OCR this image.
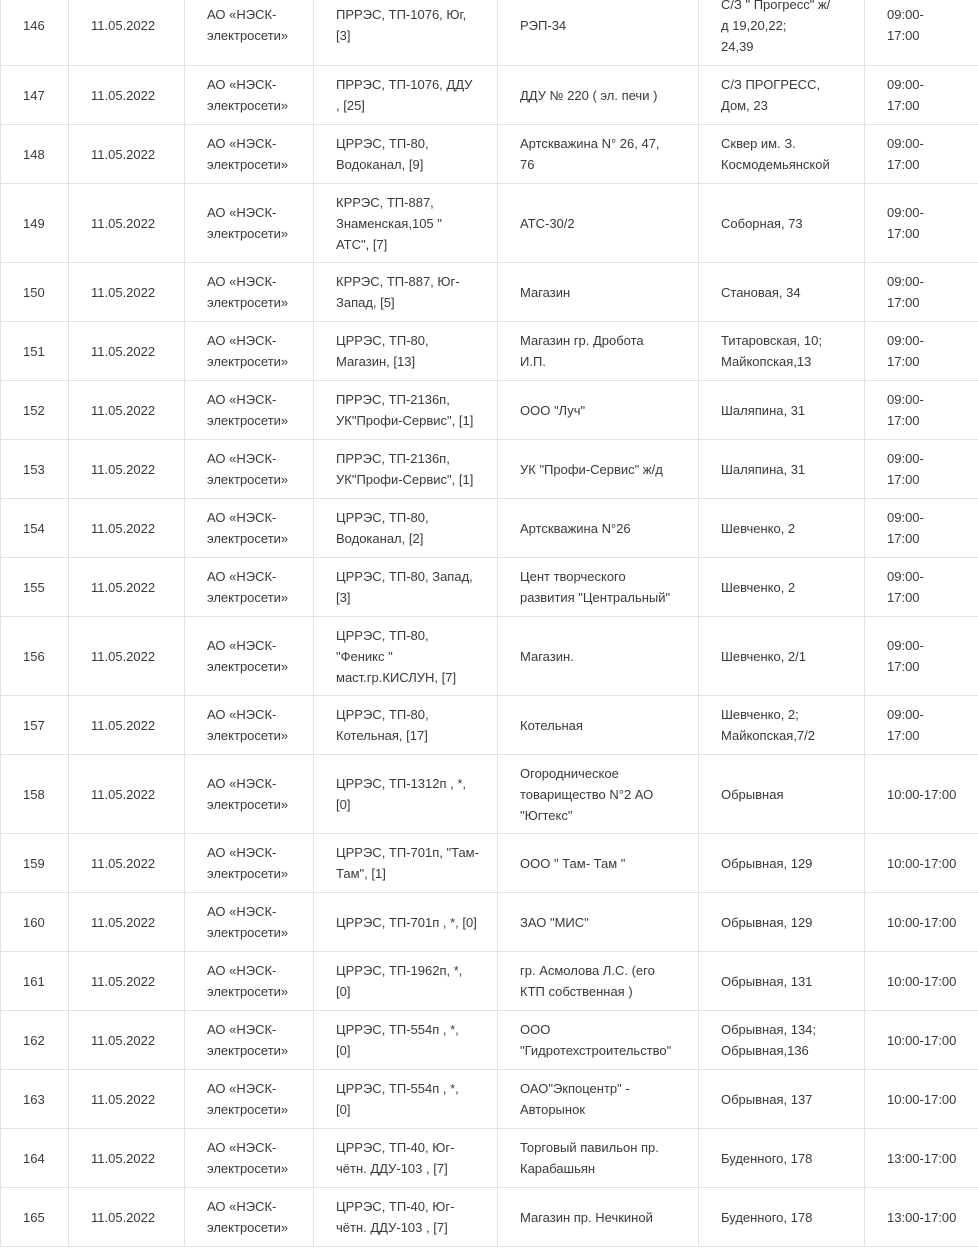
146	11.05.2022	АО «НЭСК-
электросети»	ПРРЭС, ТП-1076, Юг,
[3]	РЭП-34	С/З " Прогресс" ж/
д 19,20,22;
24,39	09:00-
17:00
147	11.05.2022	АО «НЭСК-
электросети»	ПРРЭС, ТП-1076, ДДУ
, [25]	ДДУ № 220 ( эл. печи )	С/З ПРОГРЕСС,
Дом, 23	09:00-
17:00
148	11.05.2022	АО «НЭСК-
электросети»	ЦРРЭС, ТП-80,
Водоканал, [9]	Артскважина N° 26, 47,
76	Сквер им. З.
Космодемьянской	09:00-
17:00
149	11.05.2022	АО «НЭСК-
электросети»	КРРЭС, ТП-887,
Знаменская,105 "
АТС", [7]	АТС-30/2	Соборная, 73	09:00-
17:00
150	11.05.2022	АО «НЭСК-
электросети»	КРРЭС, ТП-887, Юг-
Запад, [5]	Магазин	Становая, 34	09:00-
17:00
151	11.05.2022	АО «НЭСК-
электросети»	ЦРРЭС, ТП-80,
Магазин, [13]	Магазин гр. Дробота
И.П.	Титаровская, 10;
Майкопская,13	09:00-
17:00
152	11.05.2022	АО «НЭСК-
электросети»	ПРРЭС, ТП-2136п,
УК"Профи-Сервис", [1]	ООО "Луч"	Шаляпина, 31	09:00-
17:00
153	11.05.2022	АО «НЭСК-
электросети»	ПРРЭС, ТП-2136п,
УК"Профи-Сервис", [1]	УК "Профи-Сервис" ж/д	Шаляпина, 31	09:00-
17:00
154	11.05.2022	АО «НЭСК-
электросети»	ЦРРЭС, ТП-80,
Водоканал, [2]	Артскважина N°26	Шевченко, 2	09:00-
17:00
155	11.05.2022	АО «НЭСК-
электросети»	ЦРРЭС, ТП-80, Запад,
[3]	Цент творческого
развития "Центральный"	Шевченко, 2	09:00-
17:00
156	11.05.2022	АО «НЭСК-
электросети»	ЦРРЭС, ТП-80,
"Феникс "
маст.гр.КИСЛУН, [7]	Магазин.	Шевченко, 2/1	09:00-
17:00
157	11.05.2022	АО «НЭСК-
электросети»	ЦРРЭС, ТП-80,
Котельная, [17]	Котельная	Шевченко, 2;
Майкопская,7/2	09:00-
17:00
158	11.05.2022	АО «НЭСК-
электросети»	ЦРРЭС, ТП-1312п , *,
[0]	Огородническое
товарищество N°2 АО
"Югтекс"	Обрывная	10:00-17:00
159	11.05.2022	АО «НЭСК-
электросети»	ЦРРЭС, ТП-701п, "Там-
Там", [1]	ООО " Там- Там "	Обрывная, 129	10:00-17:00
160	11.05.2022	АО «НЭСК-
электросети»	ЦРРЭС, ТП-701п , *, [0]	ЗАО "МИС"	Обрывная, 129	10:00-17:00
161	11.05.2022	АО «НЭСК-
электросети»	ЦРРЭС, ТП-1962п, *,
[0]	гр. Асмолова Л.С. (его
КТП собственная )	Обрывная, 131	10:00-17:00
162	11.05.2022	АО «НЭСК-
электросети»	ЦРРЭС, ТП-554п , *,
[0]	ООО
"Гидротехстроительство"	Обрывная, 134;
Обрывная,136	10:00-17:00
163	11.05.2022	АО «НЭСК-
электросети»	ЦРРЭС, ТП-554п , *,
[0]	ОАО"Экпоцентр" -
Авторынок	Обрывная, 137	10:00-17:00
164	11.05.2022	АО «НЭСК-
электросети»	ЦРРЭС, ТП-40, Юг-
чётн. ДДУ-103 , [7]	Торговый павильон пр.
Карабашьян	Буденного, 178	13:00-17:00
165	11.05.2022	АО «НЭСК-
электросети»	ЦРРЭС, ТП-40, Юг-
чётн. ДДУ-103 , [7]	Магазин пр. Нечкиной	Буденного, 178	13:00-17:00
